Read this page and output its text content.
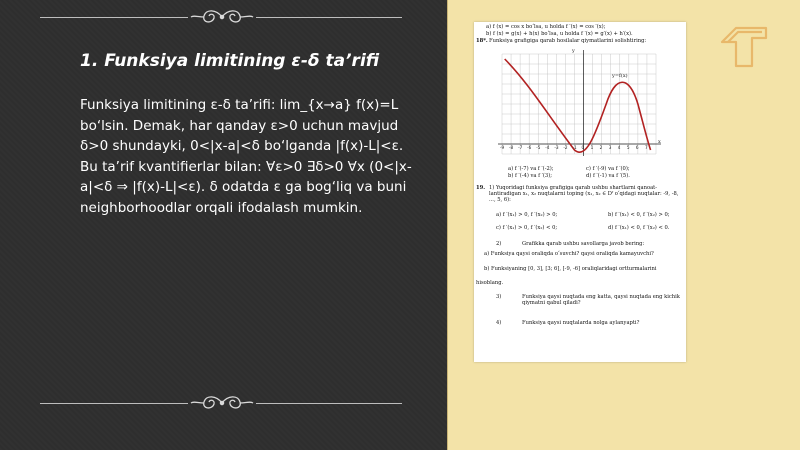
1. Funksiya limitining ε-δ ta’rifi
Funksiya limitining ε-δ ta’rifi: lim_{x→a} f(x)=L bo‘lsin. Demak, har qanday ε>0 uchun mavjud δ>0 shundayki, 0<|x-a|<δ bo‘lganda |f(x)-L|<ε. Bu ta’rif kvantifierlar bilan: ∀ε>0 ∃δ>0 ∀x (0<|x-a|<δ ⇒ |f(x)-L|<ε). δ odatda ε ga bog‘liq va buni neighborhoodlar orqali ifodalash mumkin.
a) f (x) = cos x bo‘lsa, u holda f ′(x) = cos ′(x);
b) f (x) = g(x) + h(x) bo‘lsa, u holda f ′(x) = g′(x) + h′(x).
18*. Funksiya grafigiga qarab hosilalar qiymatlarini solishtiring:
-9 -8 -7 -6 -5 -4 -3 -2 -1 0 1 2 3 4 5 6 7
y=f(x)
y
x
a) f ′(-7) va f ′(-2);	c) f ′(-9) va f ′(0);
b) f ′(-4) va f ′(3);	d) f ′(-1) va f ′(5).
19. 1) Yuqoridagi funksiya grafigiga qarab ushbu shartlarni qanoat-lantiradigan x₁, x₂ nuqtalarni toping (x₁, x₂ ∈ Dᶠ o‘qidagi nuqtalar: -9, -8, ..., 5, 6):
a) f ′(x₁) > 0, f ′(x₂) > 0;	b) f ′(x₁) < 0, f ′(x₂) > 0;
c) f ′(x₁) > 0, f ′(x₂) < 0;	d) f ′(x₁) < 0, f ′(x₂) < 0.
2)	Grafikka qarab ushbu savollarga javob bering:
a) Funksiya qaysi oraliqda o‘suvchi? qaysi oraliqda kamayuvchi?
b) Funksiyaning [0, 3], [3; 6], [-9, -6] oraliqlaridagi ortturmalarini
hisoblang.
3)	Funksiya qaysi nuqtada eng katta, qaysi nuqtada eng kichik qiymatni qabul qiladi?
4)	Funksiya qaysi nuqtalarda nolga aylanyapti?
